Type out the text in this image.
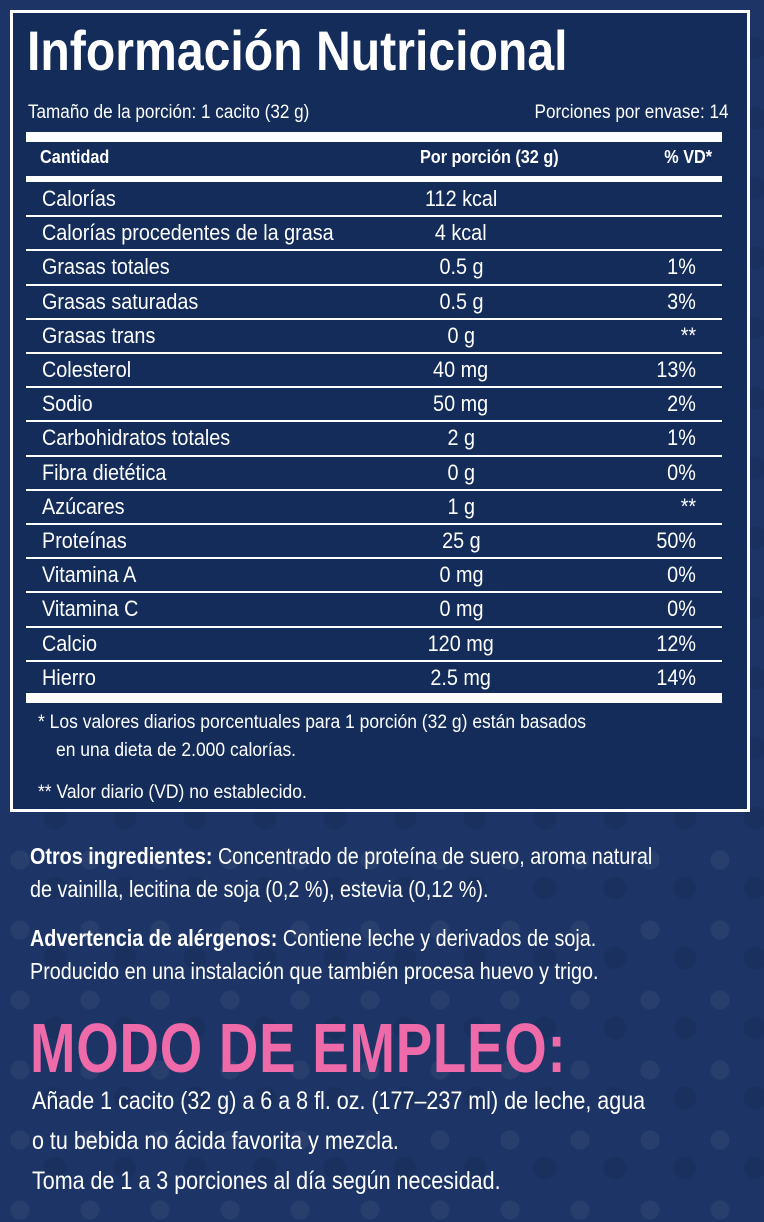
Información Nutricional
Tamaño de la porción: 1 cacito (32 g)	Porciones por envase: 14
Cantidad	Por porción (32 g)	% VD*
Calorías	112 kcal
Calorías procedentes de la grasa	4 kcal
Grasas totales	0.5 g	1%
Grasas saturadas	0.5 g	3%
Grasas trans	0 g	**
Colesterol	40 mg	13%
Sodio	50 mg	2%
Carbohidratos totales	2 g	1%
Fibra dietética	0 g	0%
Azúcares	1 g	**
Proteínas	25 g	50%
Vitamina A	0 mg	0%
Vitamina C	0 mg	0%
Calcio	120 mg	12%
Hierro	2.5 mg	14%
* Los valores diarios porcentuales para 1 porción (32 g) están basados
en una dieta de 2.000 calorías.
** Valor diario (VD) no establecido.
Otros ingredientes: Concentrado de proteína de suero, aroma natural
de vainilla, lecitina de soja (0,2 %), estevia (0,12 %).
Advertencia de alérgenos: Contiene leche y derivados de soja.
Producido en una instalación que también procesa huevo y trigo.
MODO DE EMPLEO:
Añade 1 cacito (32 g) a 6 a 8 fl. oz. (177–237 ml) de leche, agua
o tu bebida no ácida favorita y mezcla.
Toma de 1 a 3 porciones al día según necesidad.
